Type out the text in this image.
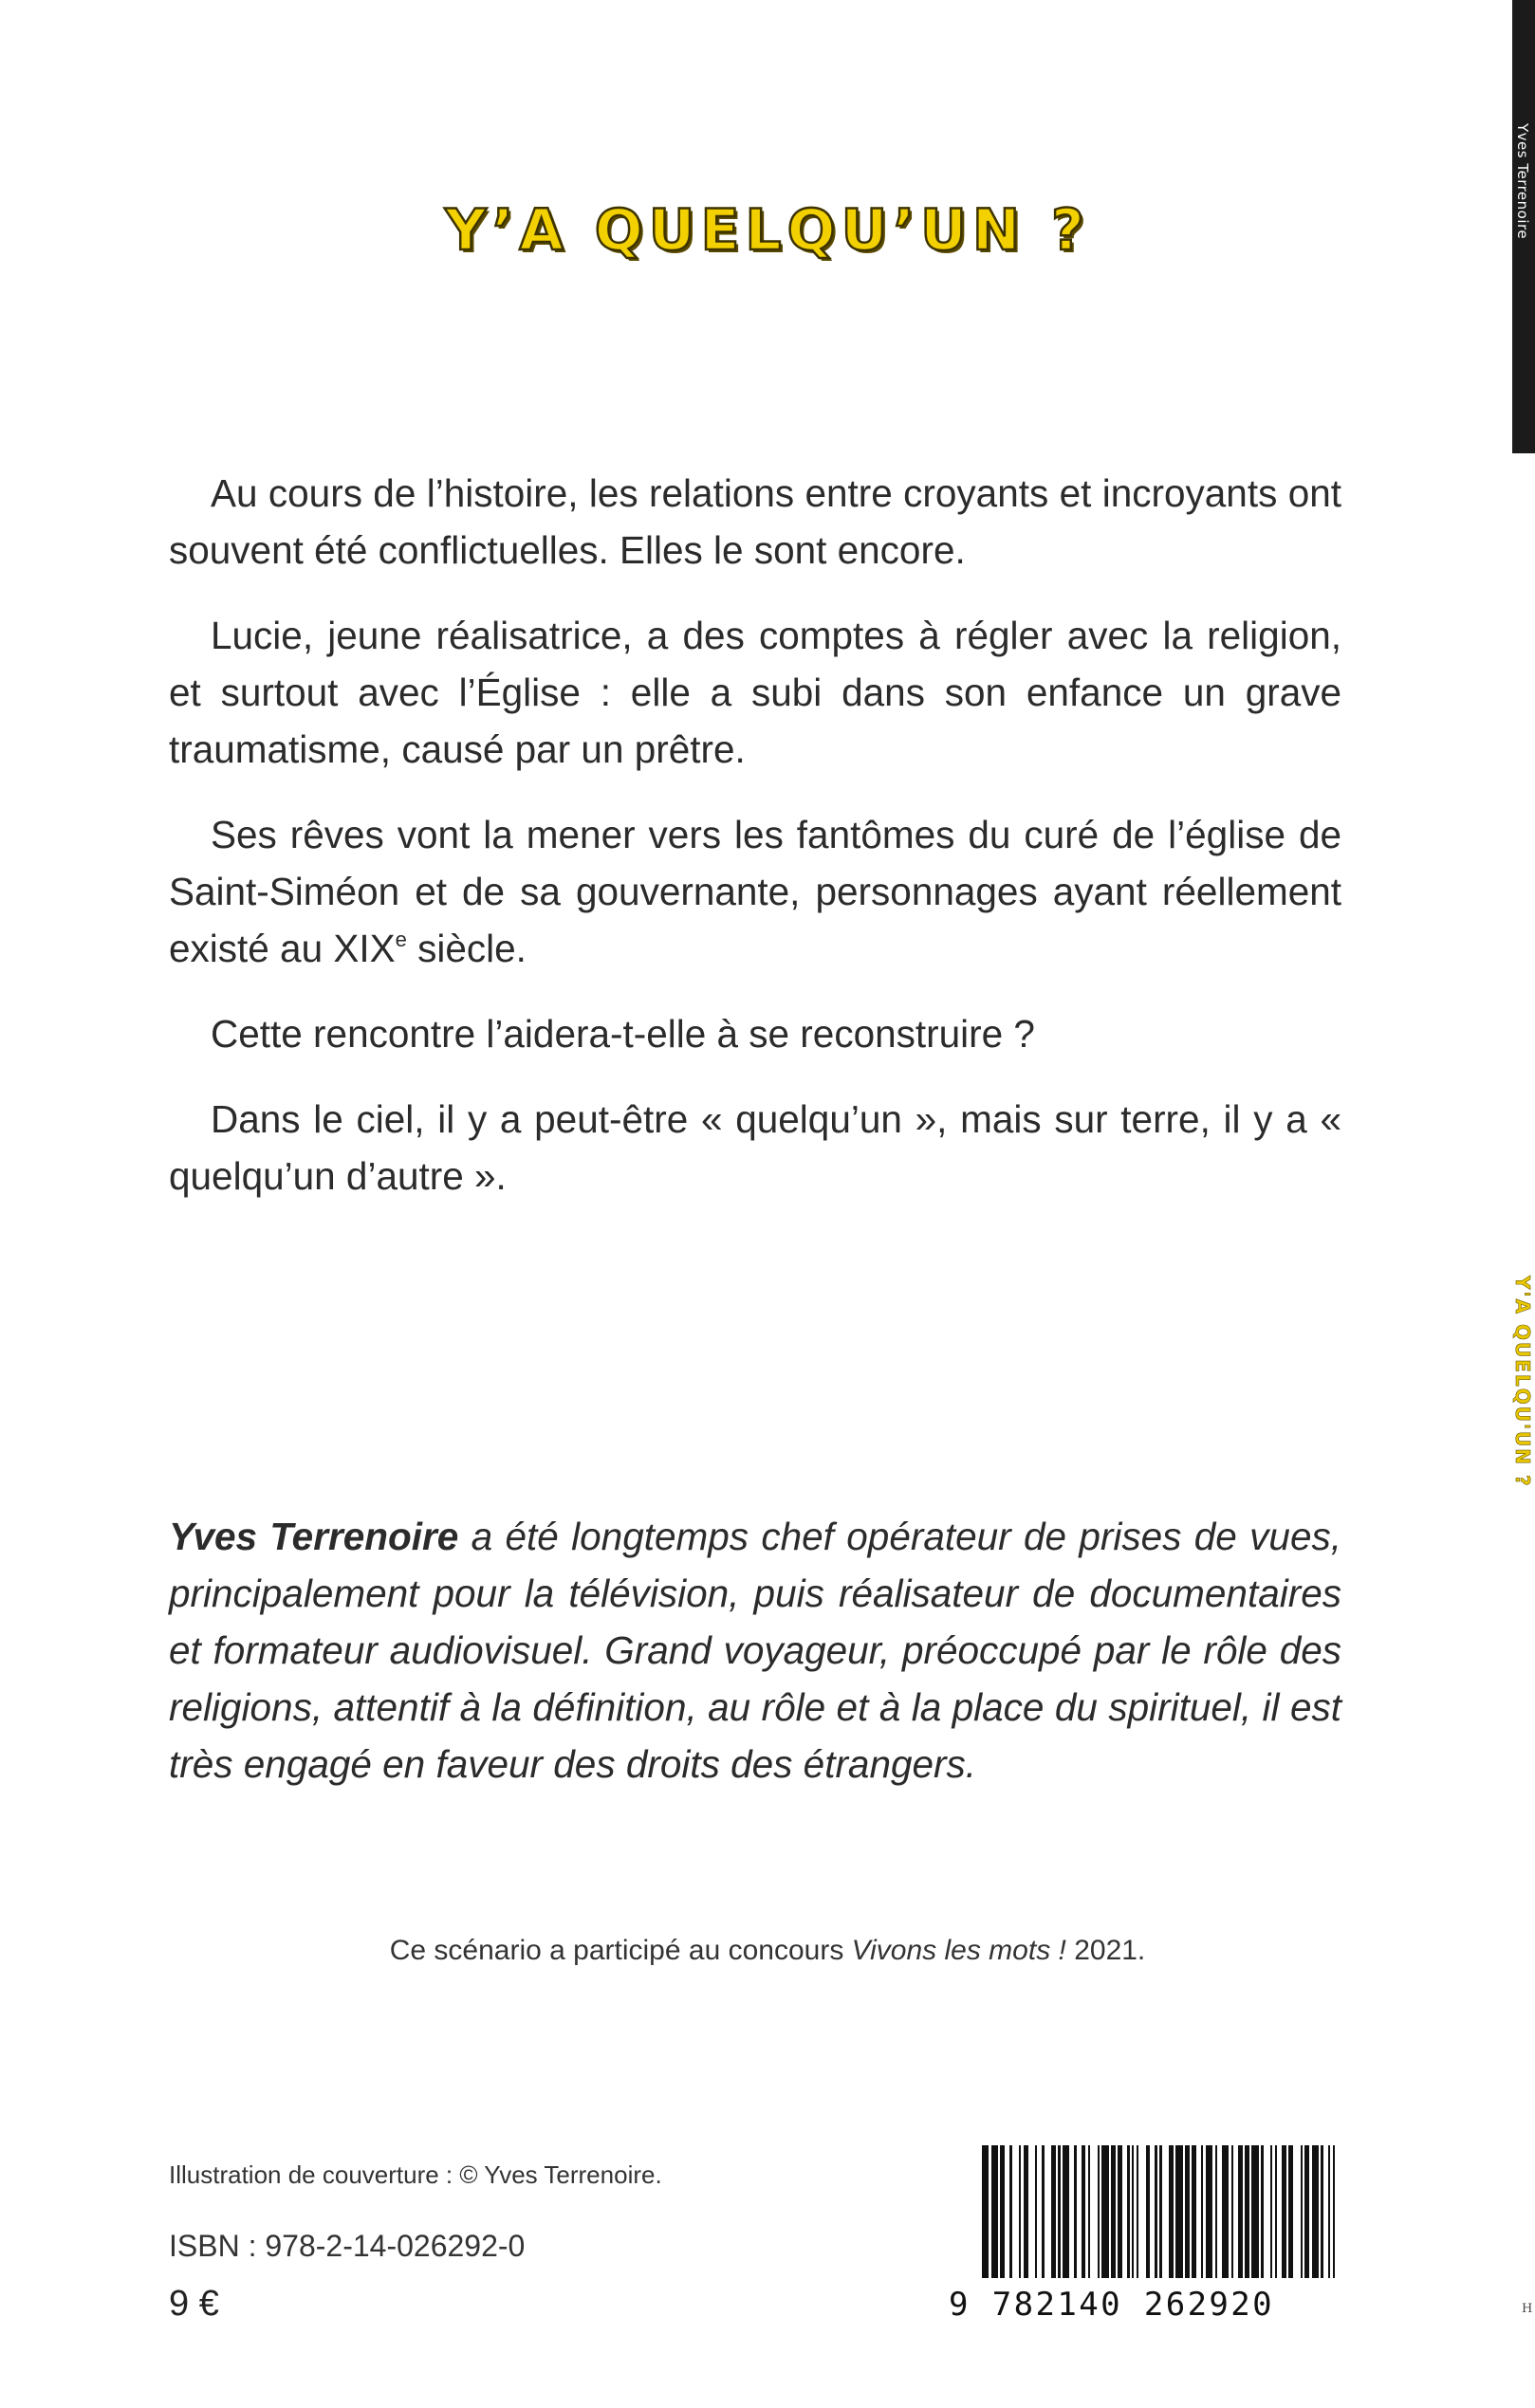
Yves Terrenoire
Y'A QUELQU'UN ?
H
Y’A QUELQU’UN ?

Au cours de l’histoire, les relations entre croyants et incroyants ont souvent été conflictuelles. Elles le sont encore.

Lucie, jeune réalisatrice, a des comptes à régler avec la religion, et surtout avec l’Église : elle a subi dans son enfance un grave traumatisme, causé par un prêtre.

Ses rêves vont la mener vers les fantômes du curé de l’église de Saint-Siméon et de sa gouvernante, personnages ayant réellement existé au XIXe siècle.

Cette rencontre l’aidera-t-elle à se reconstruire ?

Dans le ciel, il y a peut-être « quelqu’un », mais sur terre, il y a « quelqu’un d’autre ».

Yves Terrenoire a été longtemps chef opérateur de prises de vues, principalement pour la télévision, puis réalisateur de documentaires et formateur audiovisuel. Grand voyageur, préoccupé par le rôle des religions, attentif à la définition, au rôle et à la place du spirituel, il est très engagé en faveur des droits des étrangers.
Ce scénario a participé au concours Vivons les mots ! 2021.
Illustration de couverture : © Yves Terrenoire.
ISBN : 978-2-14-026292-0
9 €	9 782140 262920
